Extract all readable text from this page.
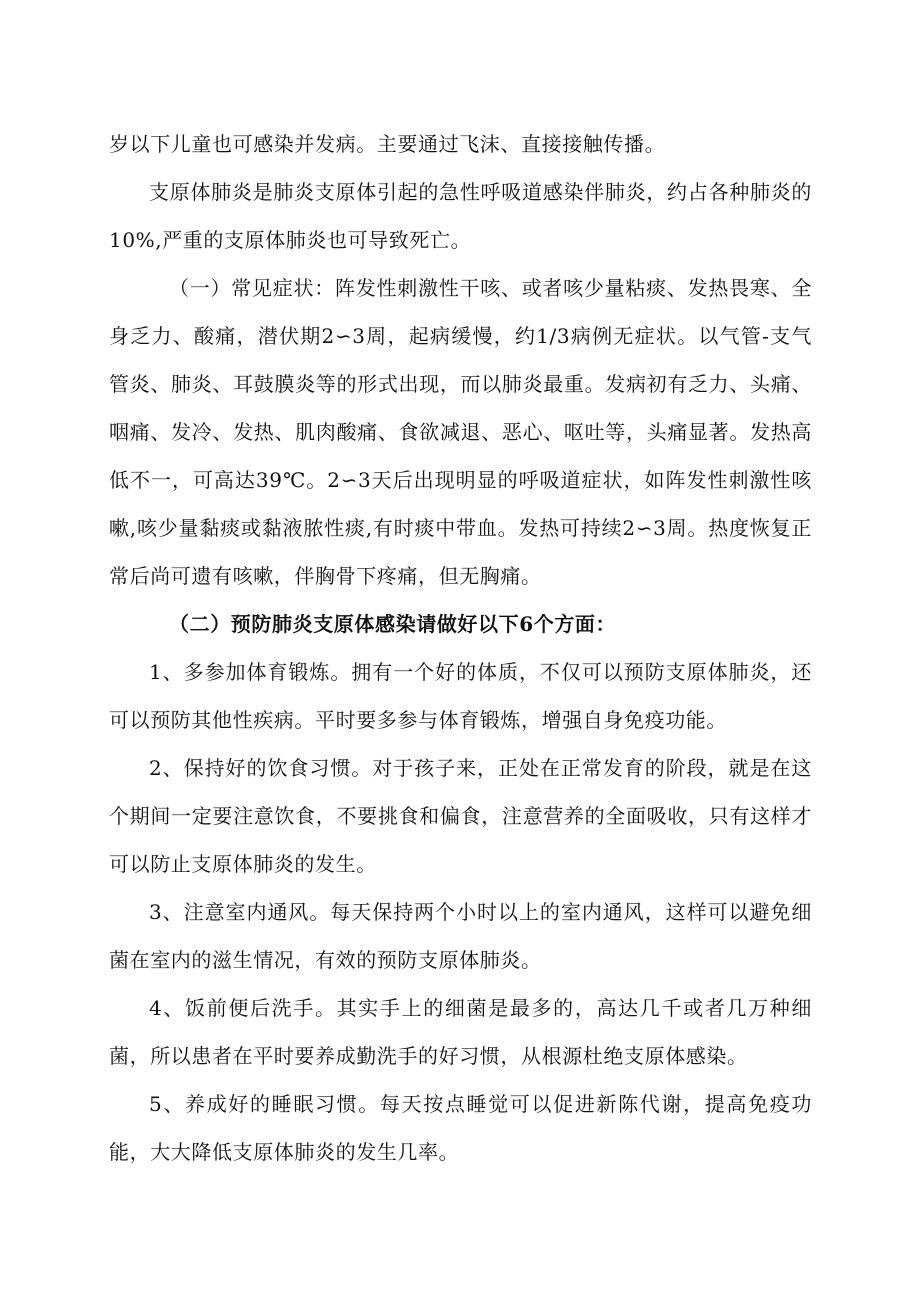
岁以下儿童也可感染并发病。主要通过飞沫、直接接触传播。

支原体肺炎是肺炎支原体引起的急性呼吸道感染伴肺炎，约占各种肺炎的10%,严重的支原体肺炎也可导致死亡。

（一）常见症状：阵发性刺激性干咳、或者咳少量粘痰、发热畏寒、全身乏力、酸痛，潜伏期2∽3周，起病缓慢，约1/3病例无症状。以气管-支气管炎、肺炎、耳鼓膜炎等的形式出现，而以肺炎最重。发病初有乏力、头痛、咽痛、发冷、发热、肌肉酸痛、食欲减退、恶心、呕吐等，头痛显著。发热高低不一，可高达39℃。2∽3天后出现明显的呼吸道症状，如阵发性刺激性咳嗽,咳少量黏痰或黏液脓性痰,有时痰中带血。发热可持续2∽3周。热度恢复正常后尚可遗有咳嗽，伴胸骨下疼痛，但无胸痛。

（二）预防肺炎支原体感染请做好以下6个方面：

1、多参加体育锻炼。拥有一个好的体质，不仅可以预防支原体肺炎，还可以预防其他性疾病。平时要多参与体育锻炼，增强自身免疫功能。

2、保持好的饮食习惯。对于孩子来，正处在正常发育的阶段，就是在这个期间一定要注意饮食，不要挑食和偏食，注意营养的全面吸收，只有这样才可以防止支原体肺炎的发生。

3、注意室内通风。每天保持两个小时以上的室内通风，这样可以避免细菌在室内的滋生情况，有效的预防支原体肺炎。

4、饭前便后洗手。其实手上的细菌是最多的，高达几千或者几万种细菌，所以患者在平时要养成勤洗手的好习惯，从根源杜绝支原体感染。

5、养成好的睡眠习惯。每天按点睡觉可以促进新陈代谢，提高免疫功能，大大降低支原体肺炎的发生几率。
